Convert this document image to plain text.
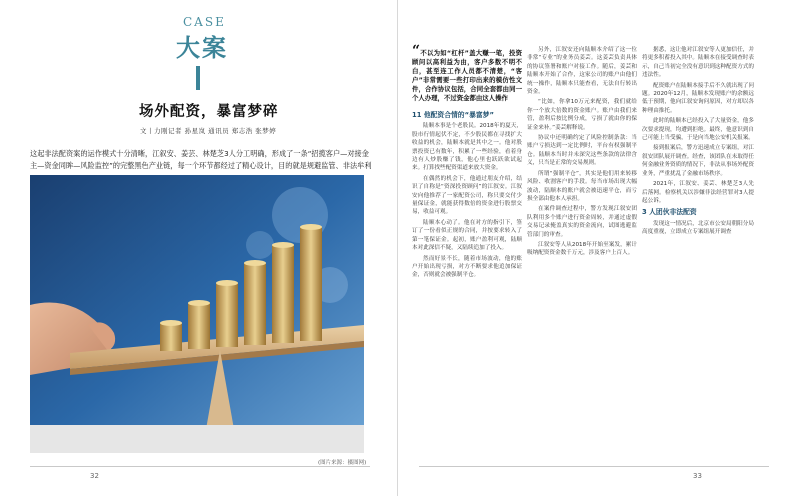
CASE
大案
场外配资，暴富梦碎
文丨力刚记者 孙星岚 通讯员 郑志浩 张梦婷
这起非法配资案的运作模式十分清晰，江叙安、姜芸、林楚芝3人分工明确，形成了一条“招揽客户—对接金主—资金同眸—风险监控”的完整黑色产业链，每一个环节都经过了精心设计，目的就是规避监管、非法牟利
(图片来源：摄图网)
32
“不以为如“杠杆”盖大赚一笔，投资顾问以高利益为由，客户多数不明不白，甚至连工作人员都不清楚，“客户”非常需要一些打印出来的模仿性文件，合作协议包括，合同全套都由同一个人办理，不过资金都由这人操作
11 他配资合情的“暴富梦”

陆顺本事是个老股民。2018年的夏天，股市行情起伏不定，不少股民都在寻找扩大收益的机会，陆顺本就是其中之一。他对股票投资已有数年，积累了一些经验，看着身边有人炒股赚了钱，他心里也跃跃欲试起来。打算找些配资渠道来放大资金。

在偶然的机会下，他通过朋友介绍，结识了自称是“资深投资顾问”的江叙安。江叙安向他推荐了一家配资公司，称只要交付少量保证金，就能获得数倍的资金进行股票交易，收益可观。

陆顺本心动了。他在对方的指引下，签订了一份看似正规的合同，并按要求转入了第一笔保证金。起初，账户盈利可观，陆顺本对此深信不疑，又陆续追加了投入。

然而好景不长，随着市场波动，他的账户开始出现亏损，对方不断要求他追加保证金，否则就会被强制平仓。

另外，江叙安还向陆顺本介绍了这一位非常“专业”的业务员姜芸。这姜芸负责具体的协议签署和账户对接工作。随后，姜芸和陆顺本开始了合作，这家公司的账户由他们统一操作，陆顺本只能查看，无法自行转出资金。

“比如，你拿10万元来配资，我们就给你一个放大倍数的资金账户。账户由我们来管，盈利后按比例分成，亏损了就由你的保证金来补。”姜芸解释说。

协议中还明确约定了风险控制条款：当账户亏损达到一定比例时，平台有权强制平仓。陆顺本当时并未深究这些条款的法律含义，只当是正常的交易规则。

所谓“强制平仓”，其实是他们用来转移风险、收割客户的手段。每当市场出现大幅波动，陆顺本的账户就会被迅速平仓，而亏损全部由他本人承担。

在案件调查过程中，警方发现江叙安团队利用多个账户进行资金周转，并通过虚假交易记录掩盖真实的资金流向，试图逃避监管部门的审查。

江叙安等人从2018年开始至案发，累计吸纳配资资金数千万元，涉及客户上百人。

据悉，这让他对江叙安等人更加信任，并将更多积蓄投入其中。陆顺本在接受调查时表示，自己当初完全没有意识到这种配资方式的违法性。

配资账户在陆顺本接手后不久就出现了问题。2020年12月，陆顺本发现账户的余额远低于预期，他向江叙安询问原因，对方却以各种理由推托。

此时的陆顺本已经投入了大量资金，他多次要求提现，均遭到拒绝。最终，他意识到自己可能上当受骗，于是向当地公安机关报案。

接到报案后，警方迅速成立专案组，对江叙安团队展开调查。经查，该团队在未取得任何金融业务资质的情况下，非法从事场外配资业务，严重扰乱了金融市场秩序。

2021年，江叙安、姜芸、林楚芝3人先后落网。检察机关以涉嫌非法经营罪对3人提起公诉。

3 人团伙非法配资

发现这一情况后，北京市公安局朝阳分局高度重视，立即成立专案组展开调查

33
